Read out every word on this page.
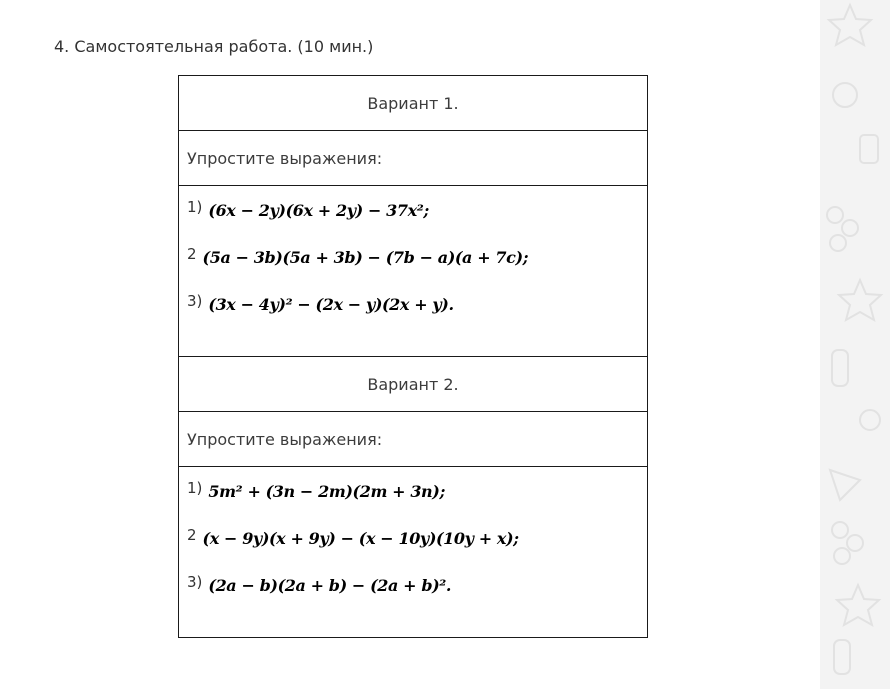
4. Самостоятельная работа. (10 мин.)
Вариант 1.
Упростите выражения:

1) (6x − 2y)(6x + 2y) − 37x²;
2 (5a − 3b)(5a + 3b) − (7b − a)(a + 7c);
3) (3x − 4y)² − (2x − y)(2x + y).

Вариант 2.
Упростите выражения:

1) 5m² + (3n − 2m)(2m + 3n);
2 (x − 9y)(x + 9y) − (x − 10y)(10y + x);
3) (2a − b)(2a + b) − (2a + b)².
